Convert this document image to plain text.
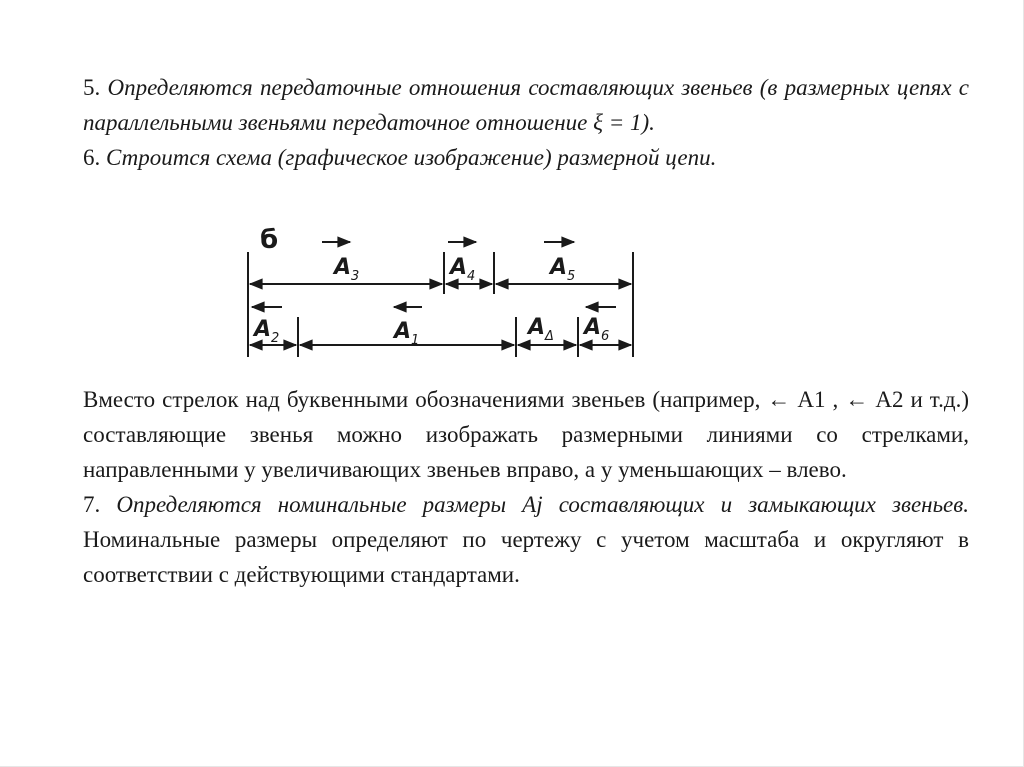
5. Определяются передаточные отношения составляющих звеньев (в размерных цепях с параллельными звеньями передаточное отношение ξ = 1).

6. Строится схема (графическое изображение) размерной цепи.

б
$A_3$	$A_4$	$A_5$
$A_2$	$A_1$
$A_\Delta$ $A_6$

Вместо стрелок над буквенными обозначениями звеньев (например, ← А1 , ← А2 и т.д.) составляющие звенья можно изображать размерными линиями со стрелками, направленными у увеличивающих звеньев вправо, а у уменьшающих – влево.

7. Определяются номинальные размеры Aj составляющих и замыкающих звеньев. Номинальные размеры определяют по чертежу с учетом масштаба и округляют в соответствии с действующими стандартами.
